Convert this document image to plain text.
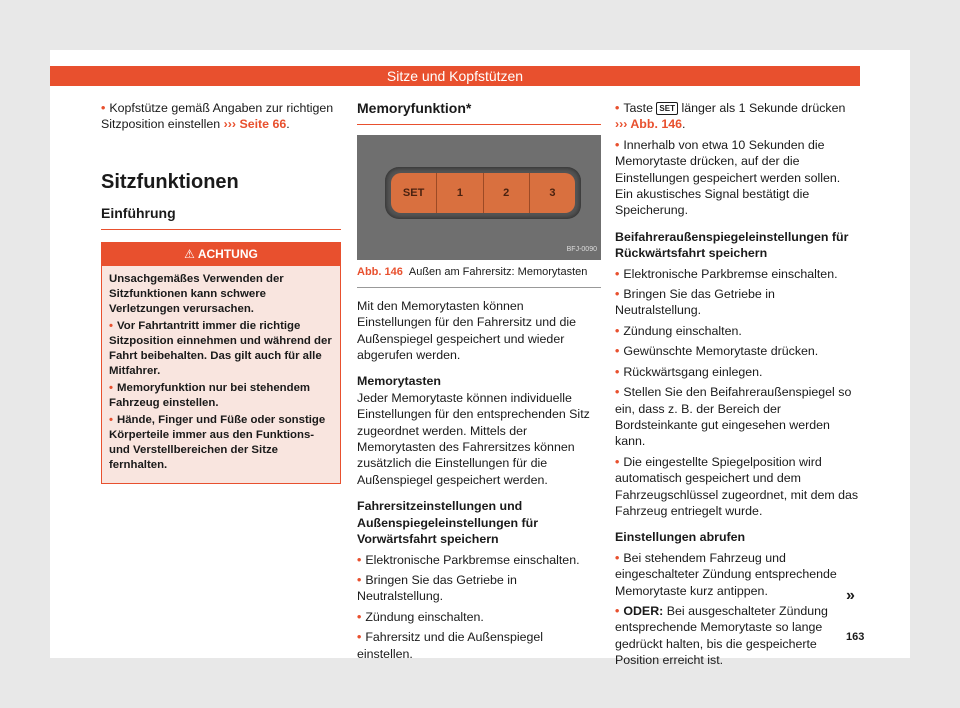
Sitze und Kopfstützen

• Kopfstütze gemäß Angaben zur richtigen Sitzposition einstellen ››› Seite 66.

Sitzfunktionen
Einführung
⚠ ACHTUNG

Unsachgemäßes Verwenden der Sitzfunktionen kann schwere Verletzungen verursachen.

• Vor Fahrtantritt immer die richtige Sitzposition einnehmen und während der Fahrt beibehalten. Das gilt auch für alle Mitfahrer.

• Memoryfunktion nur bei stehendem Fahrzeug einstellen.

• Hände, Finger und Füße oder sonstige Körperteile immer aus den Funktions- und Verstellbereichen der Sitze fernhalten.

Memoryfunktion*
SET	1	2	3
BFJ-0090
Abb. 146 Außen am Fahrersitz: Memorytasten

Mit den Memorytasten können Einstellungen für den Fahrersitz und die Außenspiegel gespeichert und wieder abgerufen werden.

Memorytasten

Jeder Memorytaste können individuelle Einstellungen für den entsprechenden Sitz zugeordnet werden. Mittels der Memorytasten des Fahrersitzes können zusätzlich die Einstellungen für die Außenspiegel gespeichert werden.

Fahrersitzeinstellungen und Außenspiegeleinstellungen für Vorwärtsfahrt speichern

• Elektronische Parkbremse einschalten.

• Bringen Sie das Getriebe in Neutralstellung.

• Zündung einschalten.

• Fahrersitz und die Außenspiegel einstellen.

• Taste SET länger als 1 Sekunde drücken
››› Abb. 146.

• Innerhalb von etwa 10 Sekunden die Memorytaste drücken, auf der die Einstellungen gespeichert werden sollen. Ein akustisches Signal bestätigt die Speicherung.

Beifahreraußenspiegeleinstellungen für Rückwärtsfahrt speichern

• Elektronische Parkbremse einschalten.

• Bringen Sie das Getriebe in Neutralstellung.

• Zündung einschalten.

• Gewünschte Memorytaste drücken.

• Rückwärtsgang einlegen.

• Stellen Sie den Beifahreraußenspiegel so ein, dass z. B. der Bereich der Bordsteinkante gut eingesehen werden kann.

• Die eingestellte Spiegelposition wird automatisch gespeichert und dem Fahrzeugschlüssel zugeordnet, mit dem das Fahrzeug entriegelt wurde.

Einstellungen abrufen

• Bei stehendem Fahrzeug und eingeschalteter Zündung entsprechende Memorytaste kurz antippen.

• ODER: Bei ausgeschalteter Zündung entsprechende Memorytaste so lange gedrückt halten, bis die gespeicherte Position erreicht ist.

»
163
